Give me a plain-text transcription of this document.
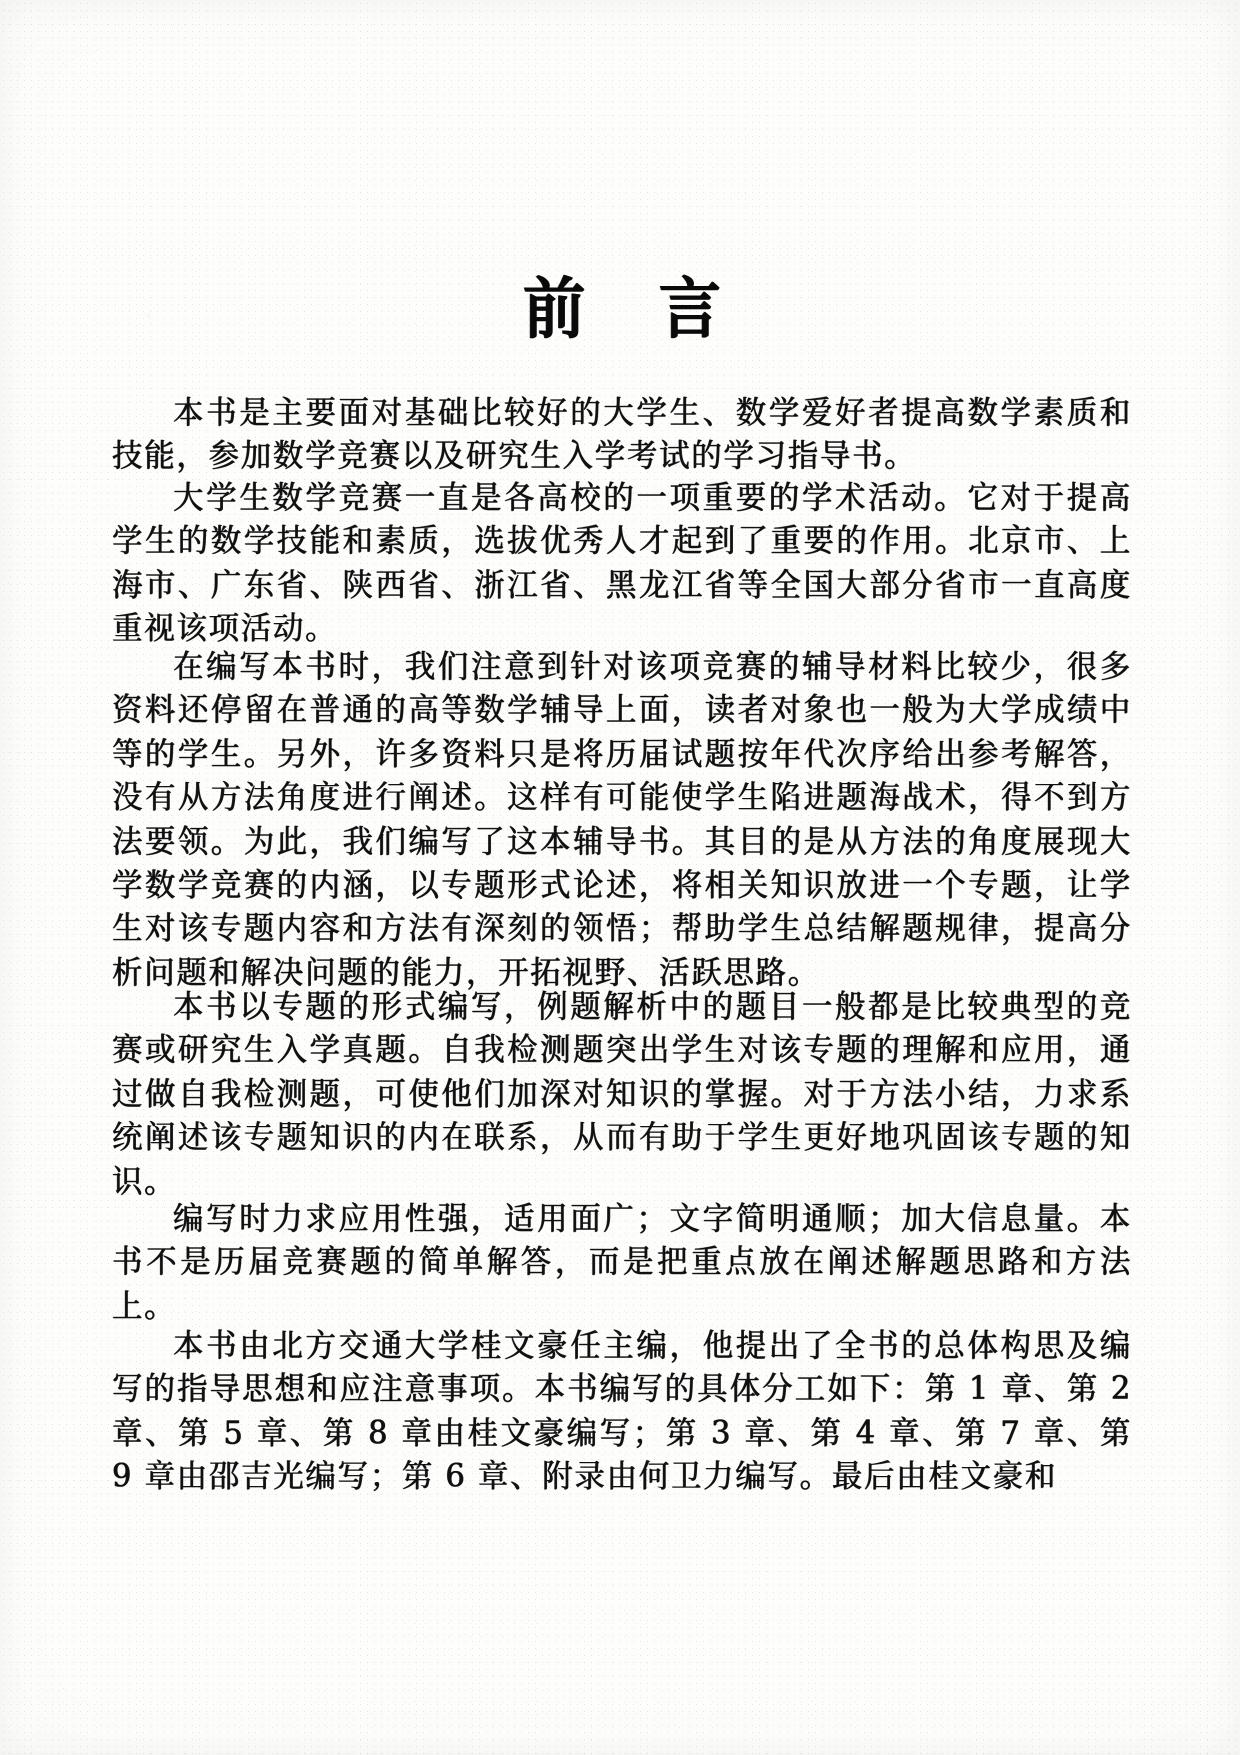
前 言

本书是主要面对基础比较好的大学生、数学爱好者提高数学素质和技能，参加数学竞赛以及研究生入学考试的学习指导书。

大学生数学竞赛一直是各高校的一项重要的学术活动。它对于提高学生的数学技能和素质，选拔优秀人才起到了重要的作用。北京市、上海市、广东省、陕西省、浙江省、黑龙江省等全国大部分省市一直高度重视该项活动。

在编写本书时，我们注意到针对该项竞赛的辅导材料比较少，很多资料还停留在普通的高等数学辅导上面，读者对象也一般为大学成绩中等的学生。另外，许多资料只是将历届试题按年代次序给出参考解答，没有从方法角度进行阐述。这样有可能使学生陷进题海战术，得不到方法要领。为此，我们编写了这本辅导书。其目的是从方法的角度展现大学数学竞赛的内涵，以专题形式论述，将相关知识放进一个专题，让学生对该专题内容和方法有深刻的领悟；帮助学生总结解题规律，提高分析问题和解决问题的能力，开拓视野、活跃思路。

本书以专题的形式编写，例题解析中的题目一般都是比较典型的竞赛或研究生入学真题。自我检测题突出学生对该专题的理解和应用，通过做自我检测题，可使他们加深对知识的掌握。对于方法小结，力求系统阐述该专题知识的内在联系，从而有助于学生更好地巩固该专题的知识。

编写时力求应用性强，适用面广；文字简明通顺；加大信息量。本书不是历届竞赛题的简单解答，而是把重点放在阐述解题思路和方法上。

本书由北方交通大学桂文豪任主编，他提出了全书的总体构思及编写的指导思想和应注意事项。本书编写的具体分工如下：第 1 章、第 2 章、第 5 章、第 8 章由桂文豪编写；第 3 章、第 4 章、第 7 章、第 9 章由邵吉光编写；第 6 章、附录由何卫力编写。最后由桂文豪和
